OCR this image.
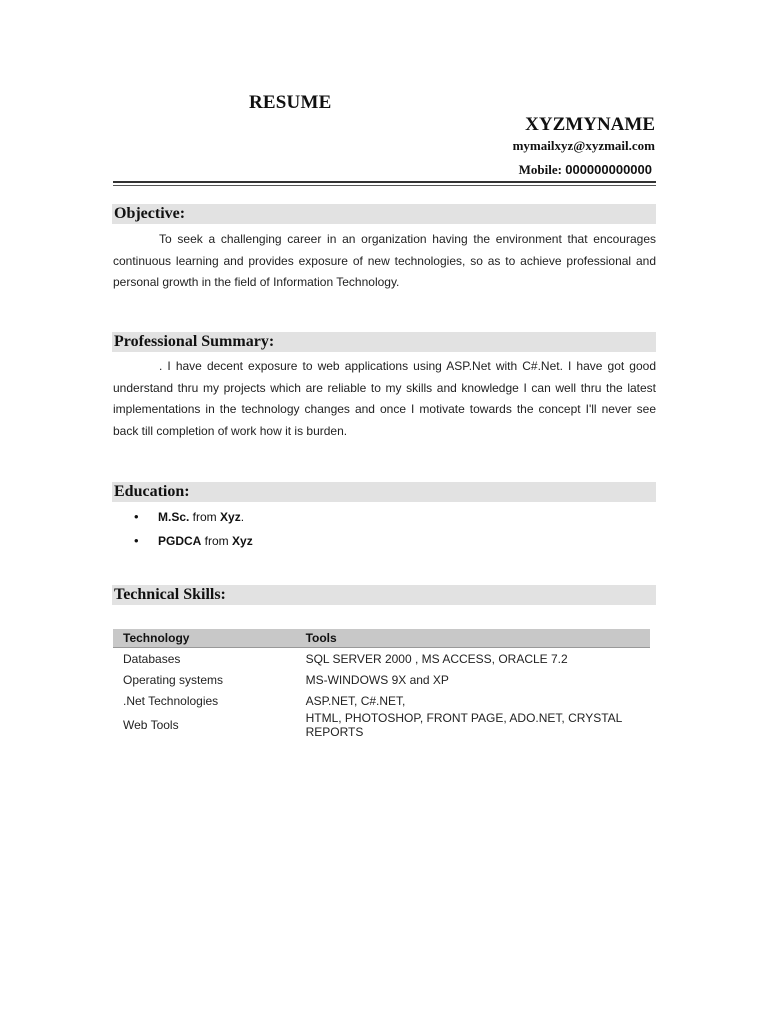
RESUME
XYZMYNAME
mymailxyz@xyzmail.com
Mobile: 000000000000
Objective:
To seek a challenging career in an organization having the environment that encourages continuous learning and provides exposure of new technologies, so as to achieve professional and personal growth in the field of Information Technology.
Professional Summary:
. I have decent exposure to web applications using ASP.Net with C#.Net. I have got good understand thru my projects which are reliable to my skills and knowledge I can well thru the latest implementations in the technology changes and once I motivate towards the concept I'll never see back till completion of work how it is burden.
Education:
• M.Sc. from Xyz.
• PGDCA from Xyz
Technical Skills:
Technology	Tools
Databases	SQL SERVER 2000 , MS ACCESS, ORACLE 7.2
Operating systems	MS-WINDOWS 9X and XP
.Net Technologies	ASP.NET, C#.NET,
Web Tools	HTML, PHOTOSHOP, FRONT PAGE, ADO.NET, CRYSTAL REPORTS
